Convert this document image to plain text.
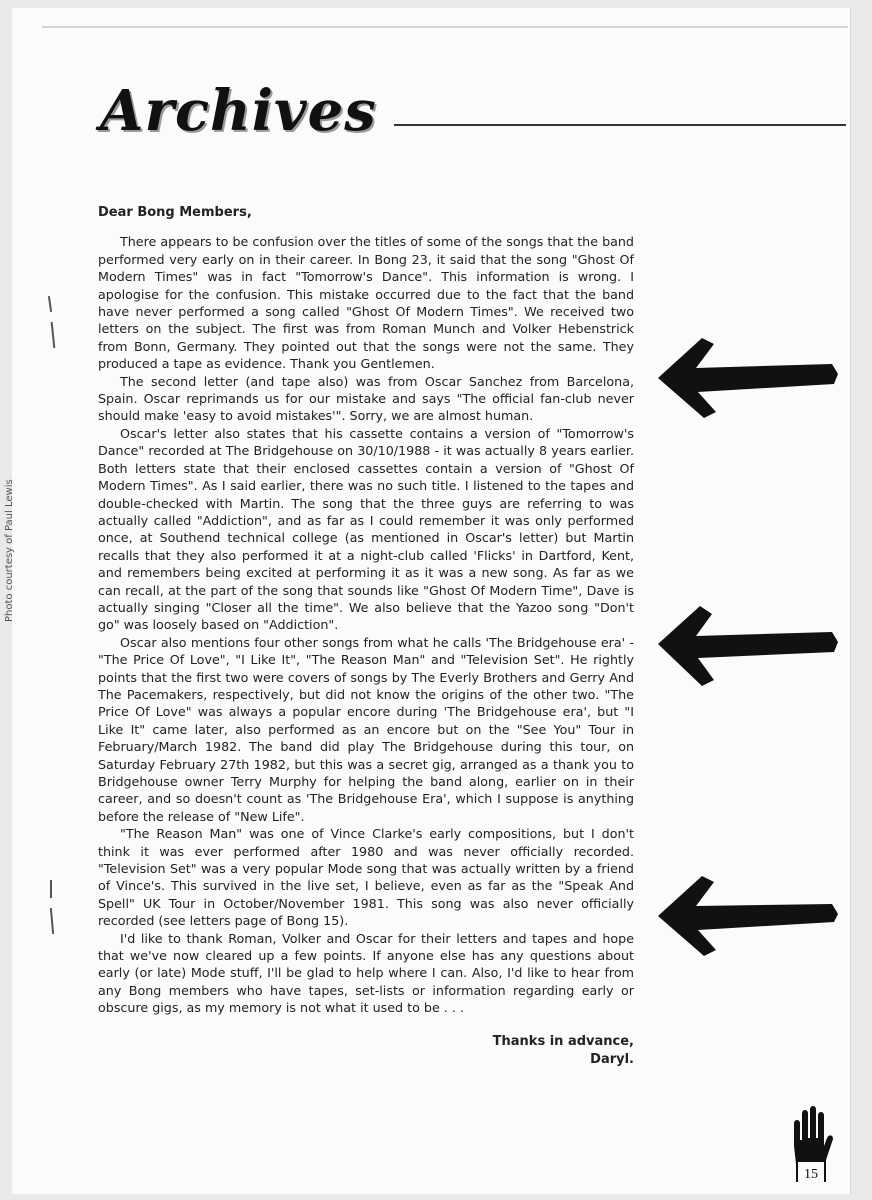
Archives
Photo courtesy of Paul Lewis
Dear Bong Members,

There appears to be confusion over the titles of some of the songs that the band performed very early on in their career. In Bong 23, it said that the song "Ghost Of Modern Times" was in fact "Tomorrow's Dance". This information is wrong. I apologise for the confusion. This mistake occurred due to the fact that the band have never performed a song called "Ghost Of Modern Times". We received two letters on the subject. The first was from Roman Munch and Volker Hebenstrick from Bonn, Germany. They pointed out that the songs were not the same. They produced a tape as evidence. Thank you Gentlemen.

The second letter (and tape also) was from Oscar Sanchez from Barcelona, Spain. Oscar reprimands us for our mistake and says "The official fan-club never should make 'easy to avoid mistakes'". Sorry, we are almost human.

Oscar's letter also states that his cassette contains a version of "Tomorrow's Dance" recorded at The Bridgehouse on 30/10/1988 - it was actually 8 years earlier. Both letters state that their enclosed cassettes contain a version of "Ghost Of Modern Times". As I said earlier, there was no such title. I listened to the tapes and double-checked with Martin. The song that the three guys are referring to was actually called "Addiction", and as far as I could remember it was only performed once, at Southend technical college (as mentioned in Oscar's letter) but Martin recalls that they also performed it at a night-club called 'Flicks' in Dartford, Kent, and remembers being excited at performing it as it was a new song. As far as we can recall, at the part of the song that sounds like "Ghost Of Modern Time", Dave is actually singing "Closer all the time". We also believe that the Yazoo song "Don't go" was loosely based on "Addiction".

Oscar also mentions four other songs from what he calls 'The Bridgehouse era' - "The Price Of Love", "I Like It", "The Reason Man" and "Television Set". He rightly points that the first two were covers of songs by The Everly Brothers and Gerry And The Pacemakers, respectively, but did not know the origins of the other two. "The Price Of Love" was always a popular encore during 'The Bridgehouse era', but "I Like It" came later, also performed as an encore but on the "See You" Tour in February/March 1982. The band did play The Bridgehouse during this tour, on Saturday February 27th 1982, but this was a secret gig, arranged as a thank you to Bridgehouse owner Terry Murphy for helping the band along, earlier on in their career, and so doesn't count as 'The Bridgehouse Era', which I suppose is anything before the release of "New Life".

"The Reason Man" was one of Vince Clarke's early compositions, but I don't think it was ever performed after 1980 and was never officially recorded. "Television Set" was a very popular Mode song that was actually written by a friend of Vince's. This survived in the live set, I believe, even as far as the "Speak And Spell" UK Tour in October/November 1981. This song was also never officially recorded (see letters page of Bong 15).

I'd like to thank Roman, Volker and Oscar for their letters and tapes and hope that we've now cleared up a few points. If anyone else has any questions about early (or late) Mode stuff, I'll be glad to help where I can. Also, I'd like to hear from any Bong members who have tapes, set-lists or information regarding early or obscure gigs, as my memory is not what it used to be . . .

Thanks in advance,
Daryl.
15
